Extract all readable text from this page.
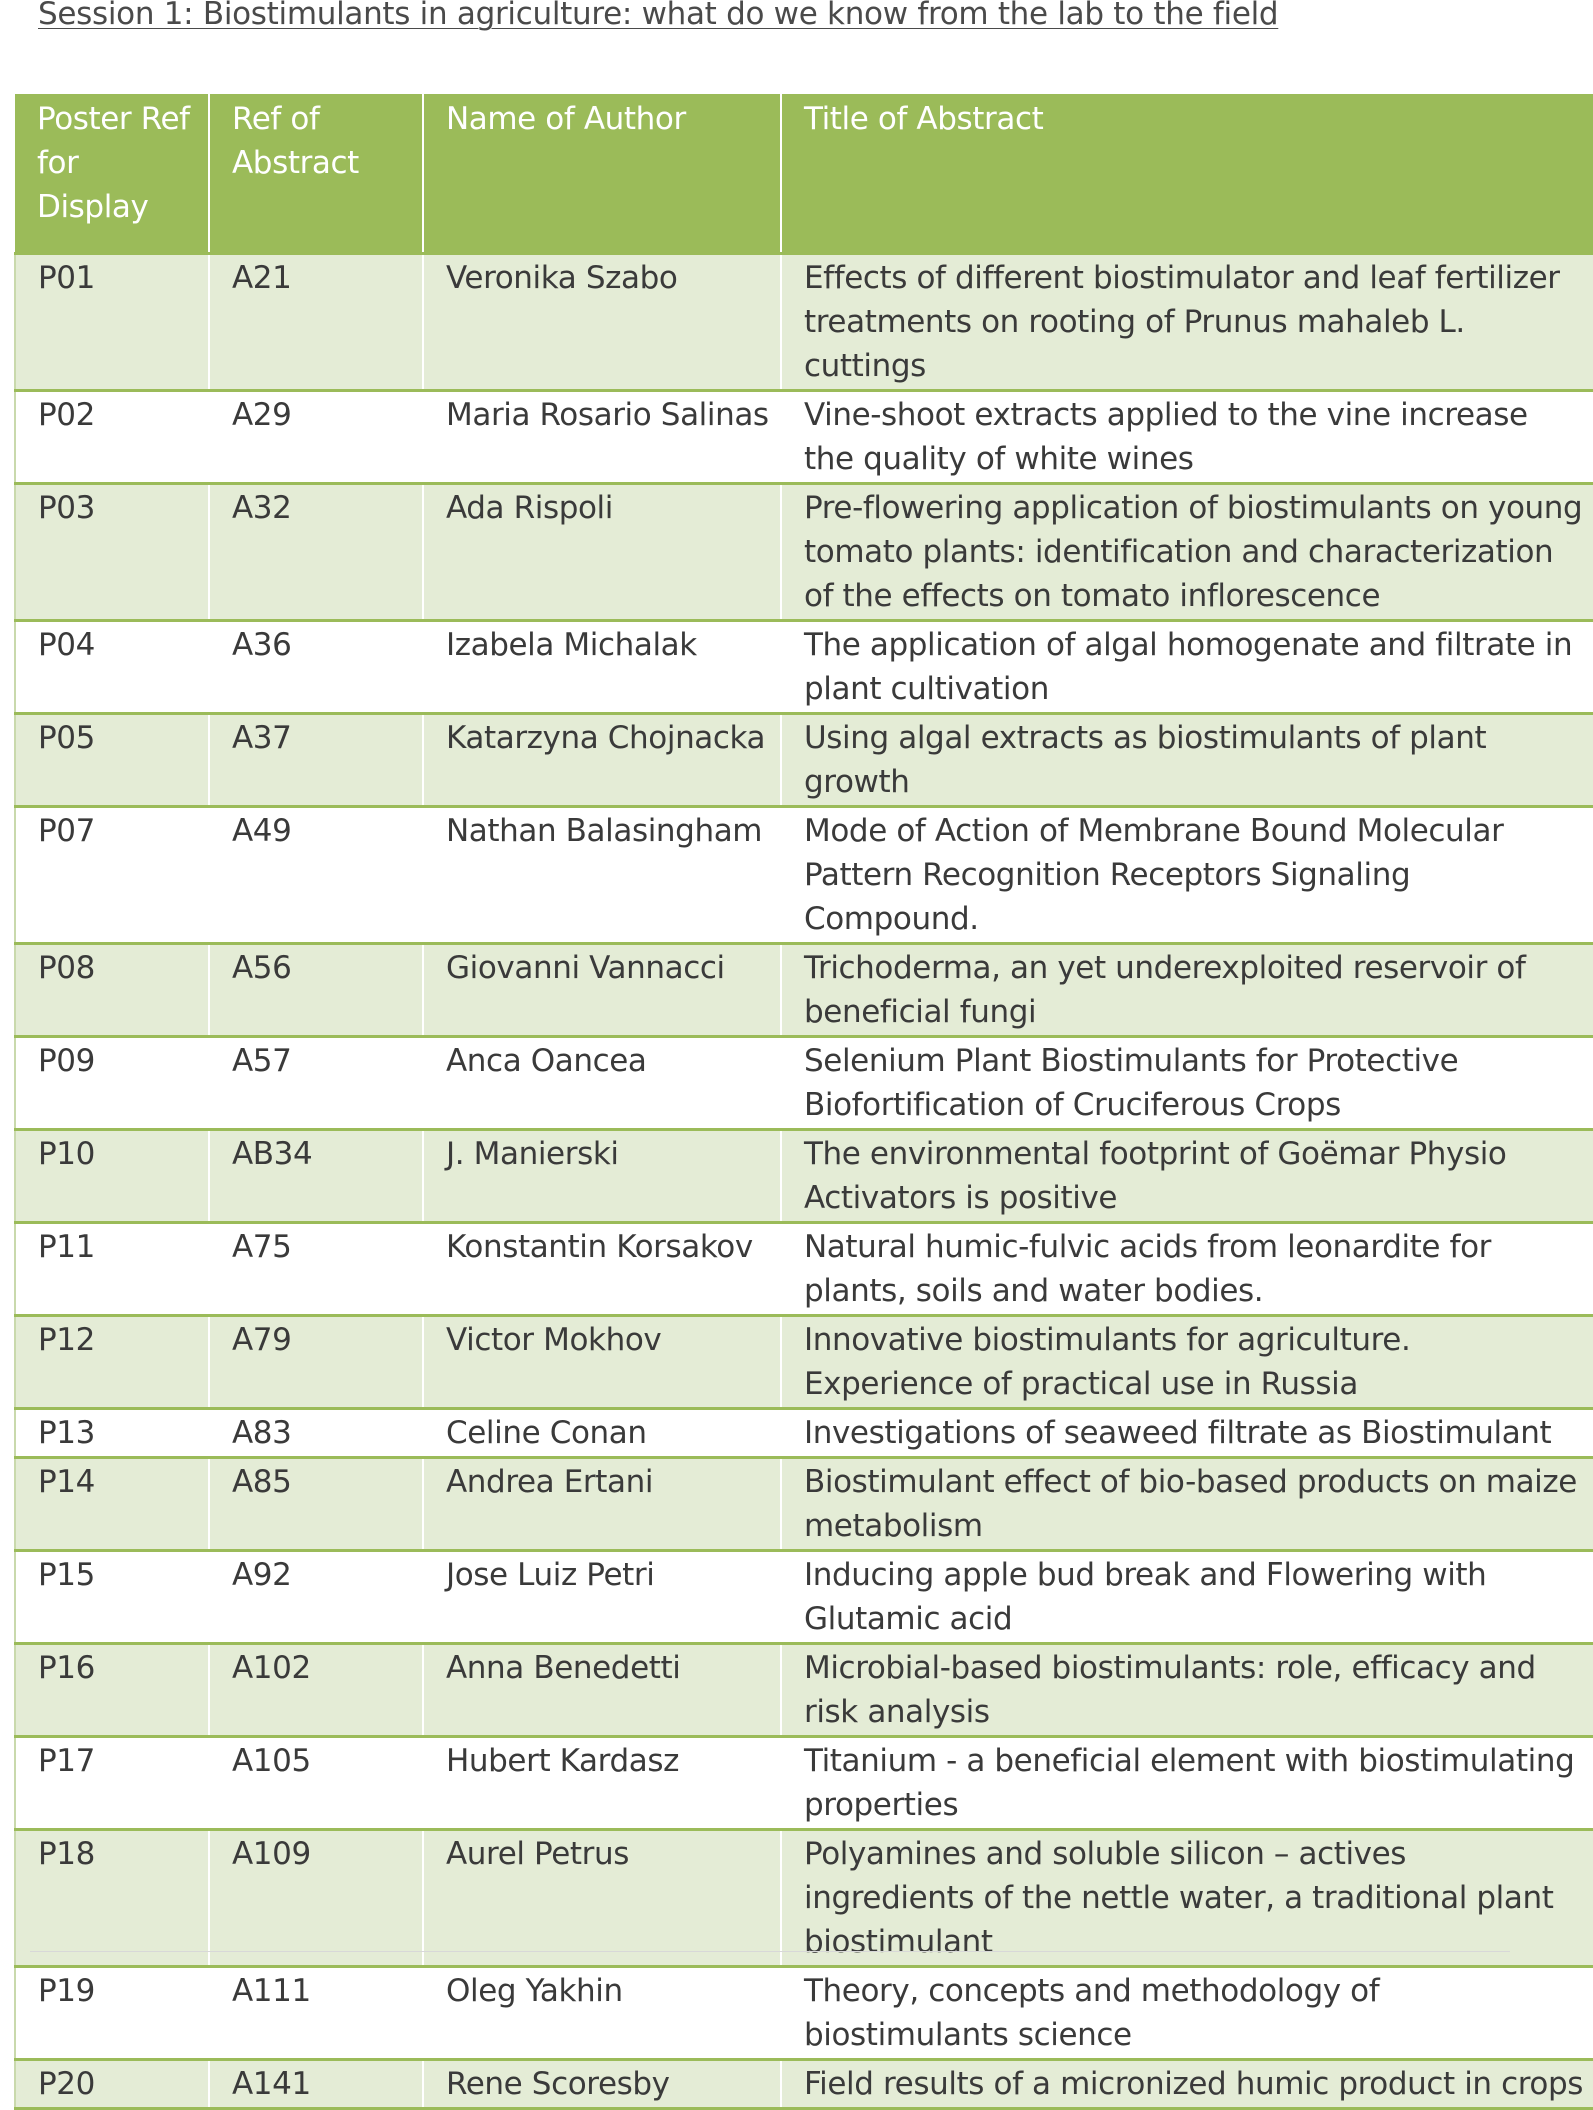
Session 1: Biostimulants in agriculture: what do we know from the lab to the field
Poster Ref for Display	Ref of Abstract	Name of Author	Title of Abstract
P01	A21	Veronika Szabo	Effects of different biostimulator and leaf fertilizer treatments on rooting of Prunus mahaleb L. cuttings
P02	A29	Maria Rosario Salinas	Vine-shoot extracts applied to the vine increase the quality of white wines
P03	A32	Ada Rispoli	Pre-flowering application of biostimulants on young tomato plants: identification and characterization of the effects on tomato inflorescence
P04	A36	Izabela Michalak	The application of algal homogenate and filtrate in plant cultivation
P05	A37	Katarzyna Chojnacka	Using algal extracts as biostimulants of plant growth
P07	A49	Nathan Balasingham	Mode of Action of Membrane Bound Molecular Pattern Recognition Receptors Signaling Compound.
P08	A56	Giovanni Vannacci	Trichoderma, an yet underexploited reservoir of beneficial fungi
P09	A57	Anca Oancea	Selenium Plant Biostimulants for Protective Biofortification of Cruciferous Crops
P10	AB34	J. Manierski	The environmental footprint of Goëmar Physio Activators is positive
P11	A75	Konstantin Korsakov	Natural humic-fulvic acids from leonardite for plants, soils and water bodies.
P12	A79	Victor Mokhov	Innovative biostimulants for agriculture. Experience of practical use in Russia
P13	A83	Celine Conan	Investigations of seaweed filtrate as Biostimulant
P14	A85	Andrea Ertani	Biostimulant effect of bio-based products on maize metabolism
P15	A92	Jose Luiz Petri	Inducing apple bud break and Flowering with Glutamic acid
P16	A102	Anna Benedetti	Microbial-based biostimulants: role, efficacy and risk analysis
P17	A105	Hubert Kardasz	Titanium - a beneficial element with biostimulating properties
P18	A109	Aurel Petrus	Polyamines and soluble silicon – actives ingredients of the nettle water, a traditional plant biostimulant
P19	A111	Oleg Yakhin	Theory, concepts and methodology of biostimulants science
P20	A141	Rene Scoresby	Field results of a micronized humic product in crops
